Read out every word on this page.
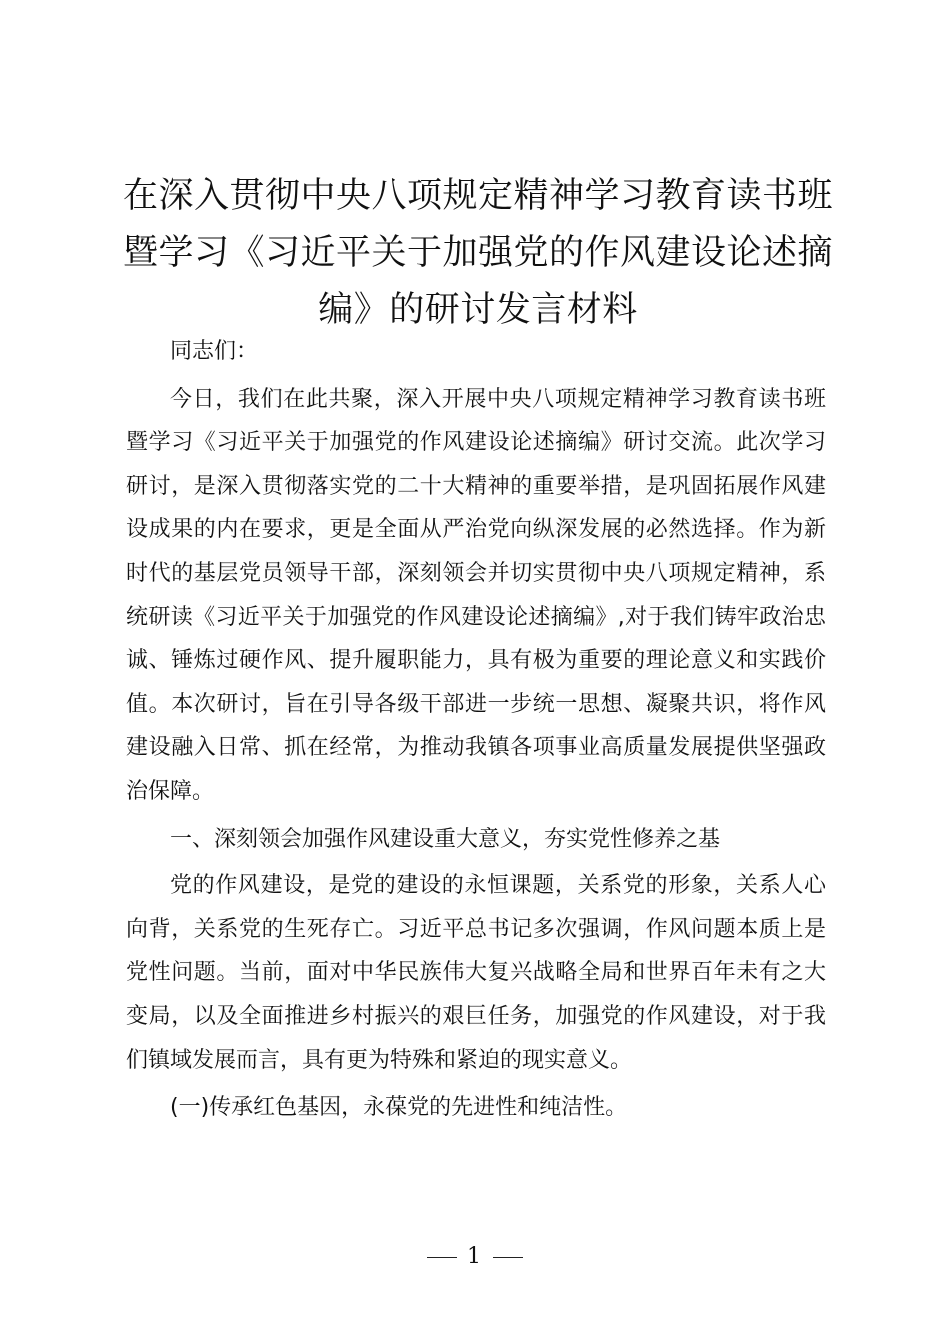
在深入贯彻中央八项规定精神学习教育读书班暨学习《习近平关于加强党的作风建设论述摘编》的研讨发言材料

同志们：

今日，我们在此共聚，深入开展中央八项规定精神学习教育读书班暨学习《习近平关于加强党的作风建设论述摘编》研讨交流。此次学习研讨，是深入贯彻落实党的二十大精神的重要举措，是巩固拓展作风建设成果的内在要求，更是全面从严治党向纵深发展的必然选择。作为新时代的基层党员领导干部，深刻领会并切实贯彻中央八项规定精神，系统研读《习近平关于加强党的作风建设论述摘编》,对于我们铸牢政治忠诚、锤炼过硬作风、提升履职能力，具有极为重要的理论意义和实践价值。本次研讨，旨在引导各级干部进一步统一思想、凝聚共识，将作风建设融入日常、抓在经常，为推动我镇各项事业高质量发展提供坚强政治保障。

一、深刻领会加强作风建设重大意义，夯实党性修养之基

党的作风建设，是党的建设的永恒课题，关系党的形象，关系人心向背，关系党的生死存亡。习近平总书记多次强调，作风问题本质上是党性问题。当前，面对中华民族伟大复兴战略全局和世界百年未有之大变局，以及全面推进乡村振兴的艰巨任务，加强党的作风建设，对于我们镇域发展而言，具有更为特殊和紧迫的现实意义。

(一)传承红色基因，永葆党的先进性和纯洁性。

1
